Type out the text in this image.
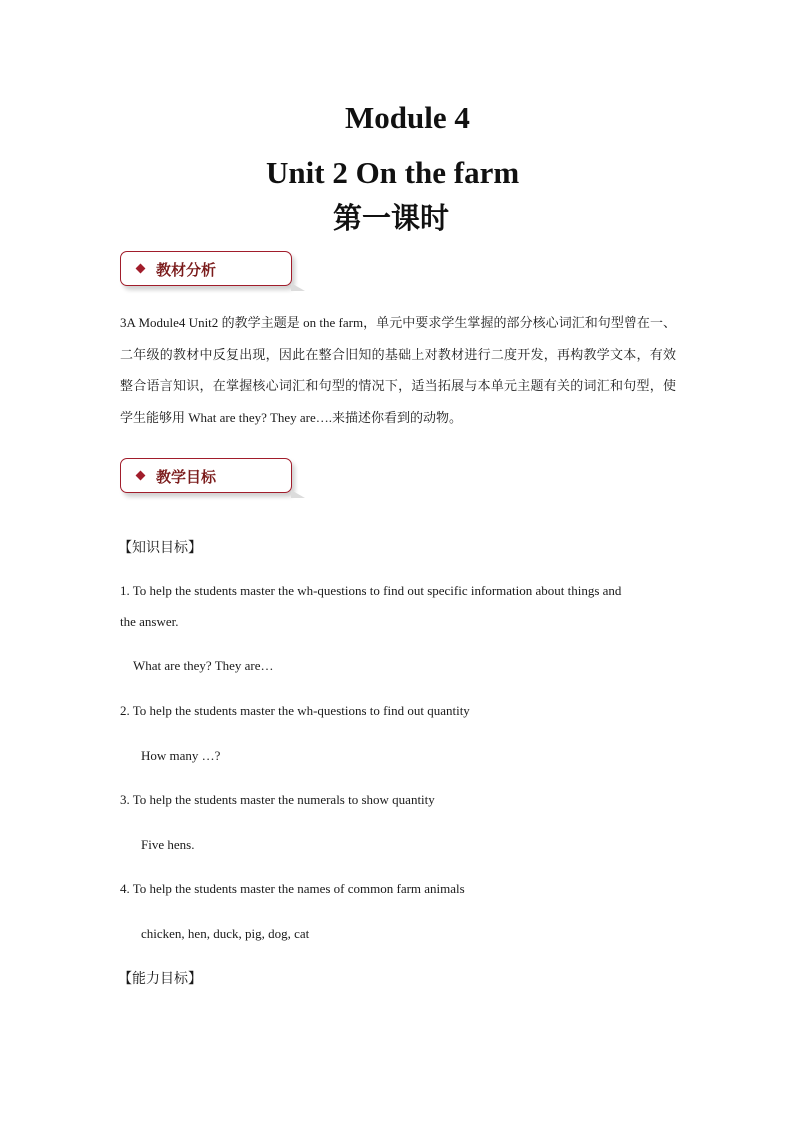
Module 4
Unit 2 On the farm
第一课时
教材分析

3A Module4 Unit2 的教学主题是 on the farm，单元中要求学生掌握的部分核心词汇和句型曾在一、二年级的教材中反复出现，因此在整合旧知的基础上对教材进行二度开发，再构教学文本，有效整合语言知识，在掌握核心词汇和句型的情况下，适当拓展与本单元主题有关的词汇和句型，使学生能够用 What are they? They are….来描述你看到的动物。

教学目标
【知识目标】
1. To help the students master the wh-questions to find out specific information about things and
the answer.
What are they? They are…
2. To help the students master the wh-questions to find out quantity
How many …?
3. To help the students master the numerals to show quantity
Five hens.
4. To help the students master the names of common farm animals
chicken, hen, duck, pig, dog, cat
【能力目标】
